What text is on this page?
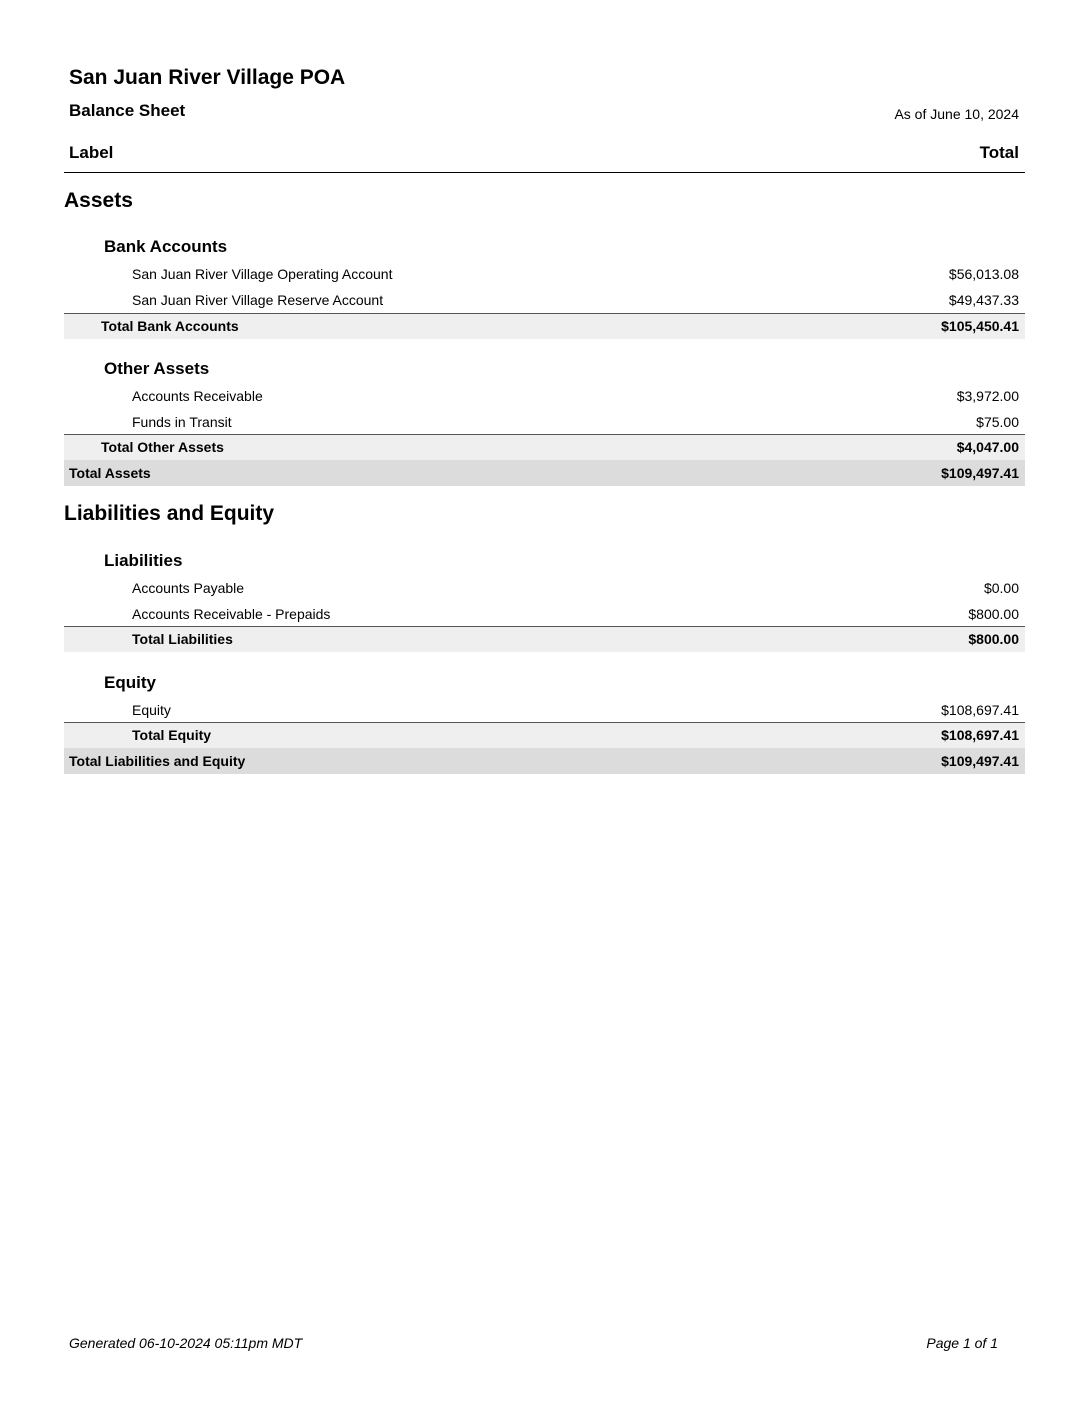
San Juan River Village POA
Balance Sheet	As of June 10, 2024
Label	Total
Assets
Bank Accounts
San Juan River Village Operating Account	$56,013.08
San Juan River Village Reserve Account	$49,437.33
Total Bank Accounts	$105,450.41
Other Assets
Accounts Receivable	$3,972.00
Funds in Transit	$75.00
Total Other Assets	$4,047.00
Total Assets	$109,497.41
Liabilities and Equity
Liabilities
Accounts Payable	$0.00
Accounts Receivable - Prepaids	$800.00
Total Liabilities	$800.00
Equity
Equity	$108,697.41
Total Equity	$108,697.41
Total Liabilities and Equity	$109,497.41
Generated 06-10-2024 05:11pm MDT	Page 1 of 1
